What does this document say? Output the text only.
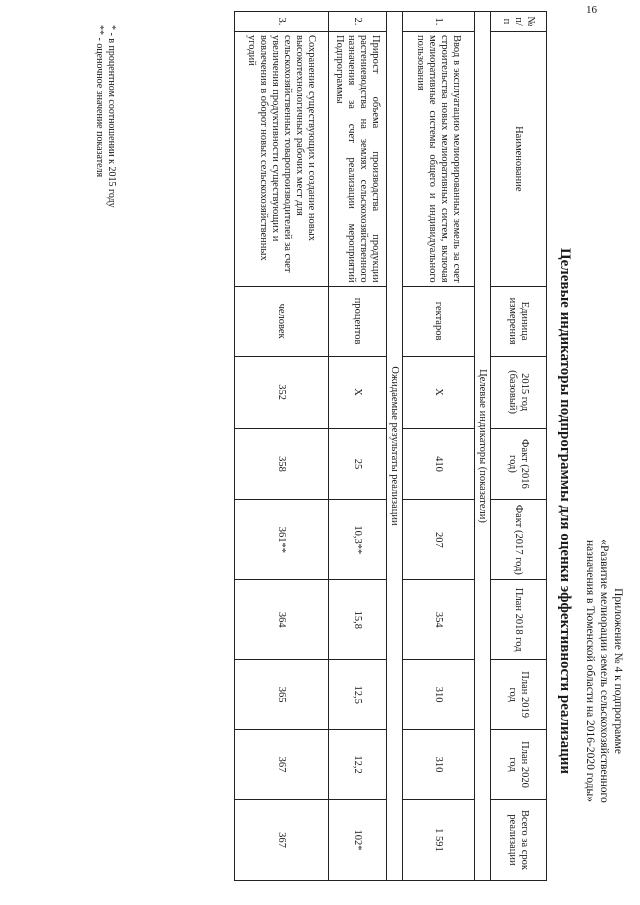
16
Приложение № 4 к подпрограмме
«Развитие мелиорации земель сельскохозяйственного
назначения в Тюменской области на 2016-2020 годы»
Целевые индикаторы подпрограммы для оценки эффективности реализации
№ п/п	Наименование	Единица измерения	2015 год (базовый)	Факт (2016 год)	Факт (2017 год)	План 2018 год	План 2019 год	План 2020 год	Всего за срок реализации
Целевые индикаторы (показатели)									
1.	Ввод в эксплуатацию мелиорированных земель за счет строительства новых мелиоративных систем, включая мелиоративные системы общего и индивидуального пользования	гектаров	Х	410	207	354	310	310	1 591
Ожидаемые результаты реализации									
2.	Прирост объема производства продукции растениеводства на землях сельскохозяйственного назначения за счет реализации мероприятий Подпрограммы	процентов	Х	25	10,3**	15,8	12,5	12,2	102*
3.	Сохранение существующих и создание новых высокотехнологичных рабочих мест для сельскохозяйственных товаропроизводителей за счет увеличения продуктивности существующих и вовлечения в оборот новых сельскохозяйственных угодий	человек	352	358	361**	364	365	367	367
* - в процентном соотношении к 2015 году
** - оценочное значение показателя
